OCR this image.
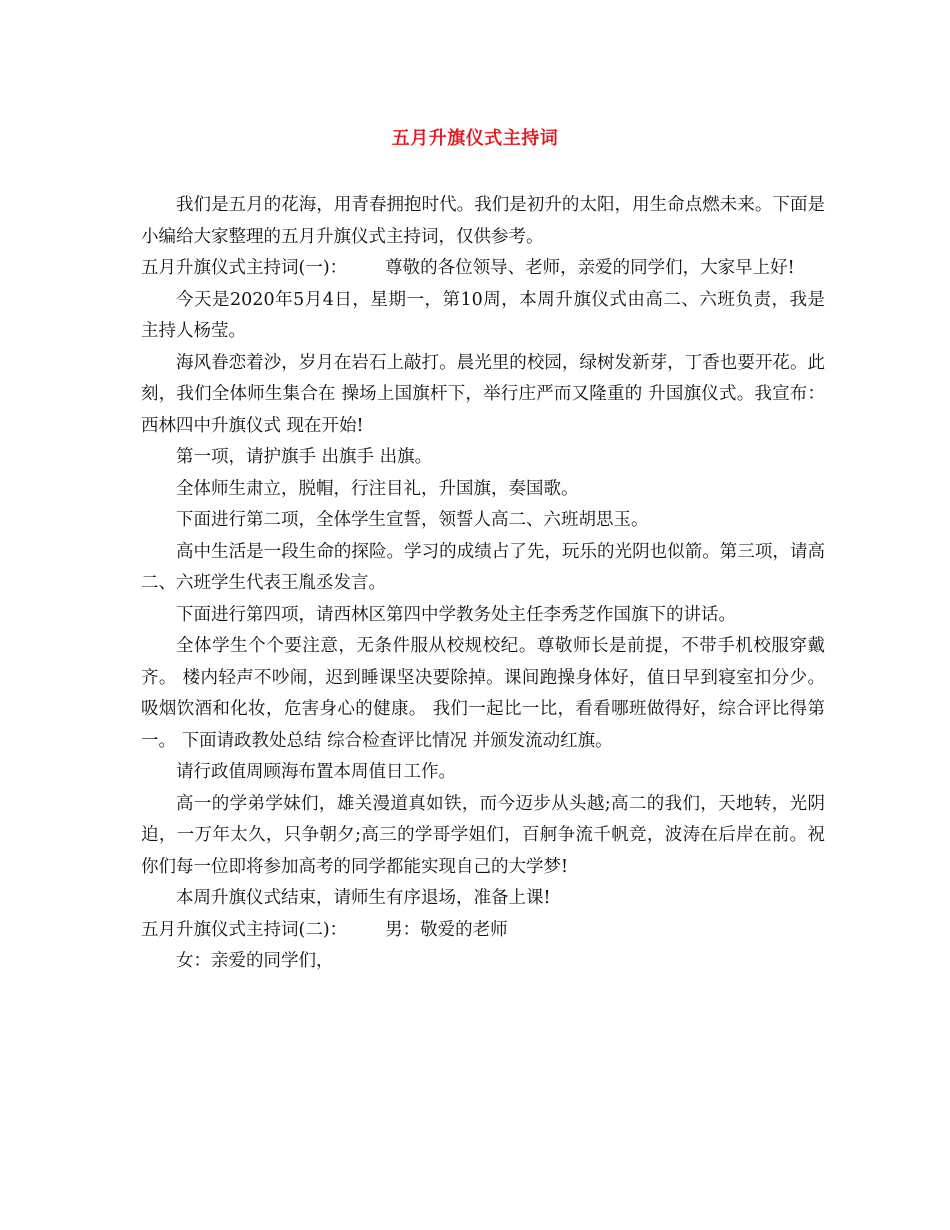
五月升旗仪式主持词

我们是五月的花海，用青春拥抱时代。我们是初升的太阳，用生命点燃未来。下面是小编给大家整理的五月升旗仪式主持词，仅供参考。

五月升旗仪式主持词(一)： 尊敬的各位领导、老师，亲爱的同学们，大家早上好!

今天是2020年5月4日，星期一，第10周，本周升旗仪式由高二、六班负责，我是主持人杨莹。

海风眷恋着沙，岁月在岩石上敲打。晨光里的校园，绿树发新芽，丁香也要开花。此刻，我们全体师生集合在 操场上国旗杆下，举行庄严而又隆重的 升国旗仪式。我宣布：西林四中升旗仪式 现在开始!

第一项，请护旗手 出旗手 出旗。

全体师生肃立，脱帽，行注目礼，升国旗，奏国歌。

下面进行第二项，全体学生宣誓，领誓人高二、六班胡思玉。

高中生活是一段生命的探险。学习的成绩占了先，玩乐的光阴也似箭。第三项，请高二、六班学生代表王胤丞发言。

下面进行第四项，请西林区第四中学教务处主任李秀芝作国旗下的讲话。

全体学生个个要注意，无条件服从校规校纪。尊敬师长是前提，不带手机校服穿戴齐。 楼内轻声不吵闹，迟到睡课坚决要除掉。课间跑操身体好，值日早到寝室扣分少。吸烟饮酒和化妆，危害身心的健康。 我们一起比一比，看看哪班做得好，综合评比得第一。 下面请政教处总结 综合检查评比情况 并颁发流动红旗。

请行政值周顾海布置本周值日工作。

高一的学弟学妹们，雄关漫道真如铁，而今迈步从头越;高二的我们，天地转，光阴迫，一万年太久，只争朝夕;高三的学哥学姐们，百舸争流千帆竞，波涛在后岸在前。祝你们每一位即将参加高考的同学都能实现自己的大学梦!

本周升旗仪式结束，请师生有序退场，准备上课!

五月升旗仪式主持词(二)： 男：敬爱的老师

女：亲爱的同学们，
